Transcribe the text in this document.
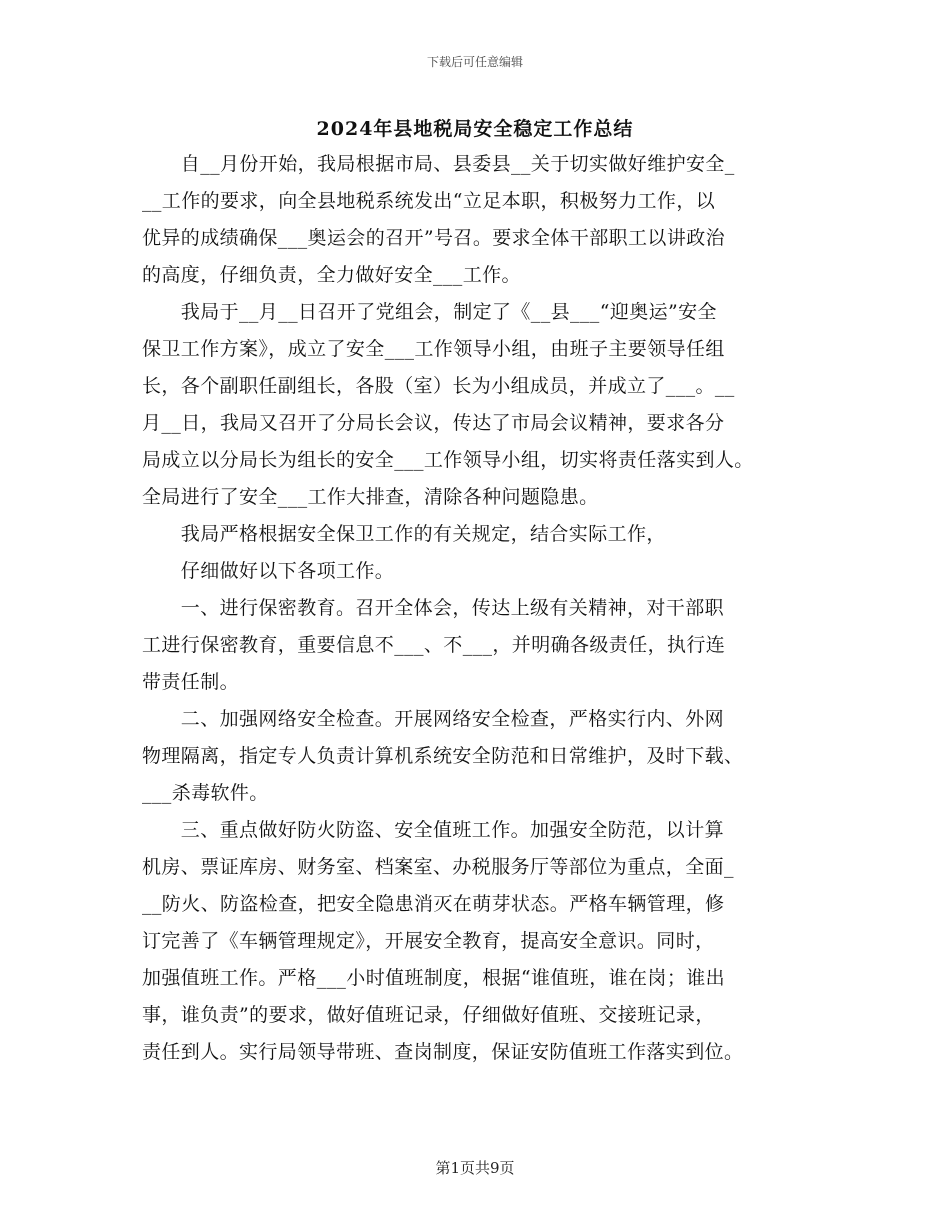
下载后可任意编辑
2024年县地税局安全稳定工作总结
　　自__月份开始，我局根据市局、县委县__关于切实做好维护安全_
__工作的要求，向全县地税系统发出“立足本职，积极努力工作，以
优异的成绩确保___奥运会的召开”号召。要求全体干部职工以讲政治
的高度，仔细负责，全力做好安全___工作。
　　我局于__月__日召开了党组会，制定了《__县___“迎奥运”安全
保卫工作方案》，成立了安全___工作领导小组，由班子主要领导任组
长，各个副职任副组长，各股（室）长为小组成员，并成立了___。__
月__日，我局又召开了分局长会议，传达了市局会议精神，要求各分
局成立以分局长为组长的安全___工作领导小组，切实将责任落实到人。
全局进行了安全___工作大排查，清除各种问题隐患。
　　我局严格根据安全保卫工作的有关规定，结合实际工作，
　　仔细做好以下各项工作。
　　一、进行保密教育。召开全体会，传达上级有关精神，对干部职
工进行保密教育，重要信息不___、不___，并明确各级责任，执行连
带责任制。
　　二、加强网络安全检查。开展网络安全检查，严格实行内、外网
物理隔离，指定专人负责计算机系统安全防范和日常维护，及时下载、
___杀毒软件。
　　三、重点做好防火防盗、安全值班工作。加强安全防范，以计算
机房、票证库房、财务室、档案室、办税服务厅等部位为重点，全面_
__防火、防盗检查，把安全隐患消灭在萌芽状态。严格车辆管理，修
订完善了《车辆管理规定》，开展安全教育，提高安全意识。同时，
加强值班工作。严格___小时值班制度，根据“谁值班，谁在岗；谁出
事，谁负责”的要求，做好值班记录，仔细做好值班、交接班记录，
责任到人。实行局领导带班、查岗制度，保证安防值班工作落实到位。
第1页共9页
